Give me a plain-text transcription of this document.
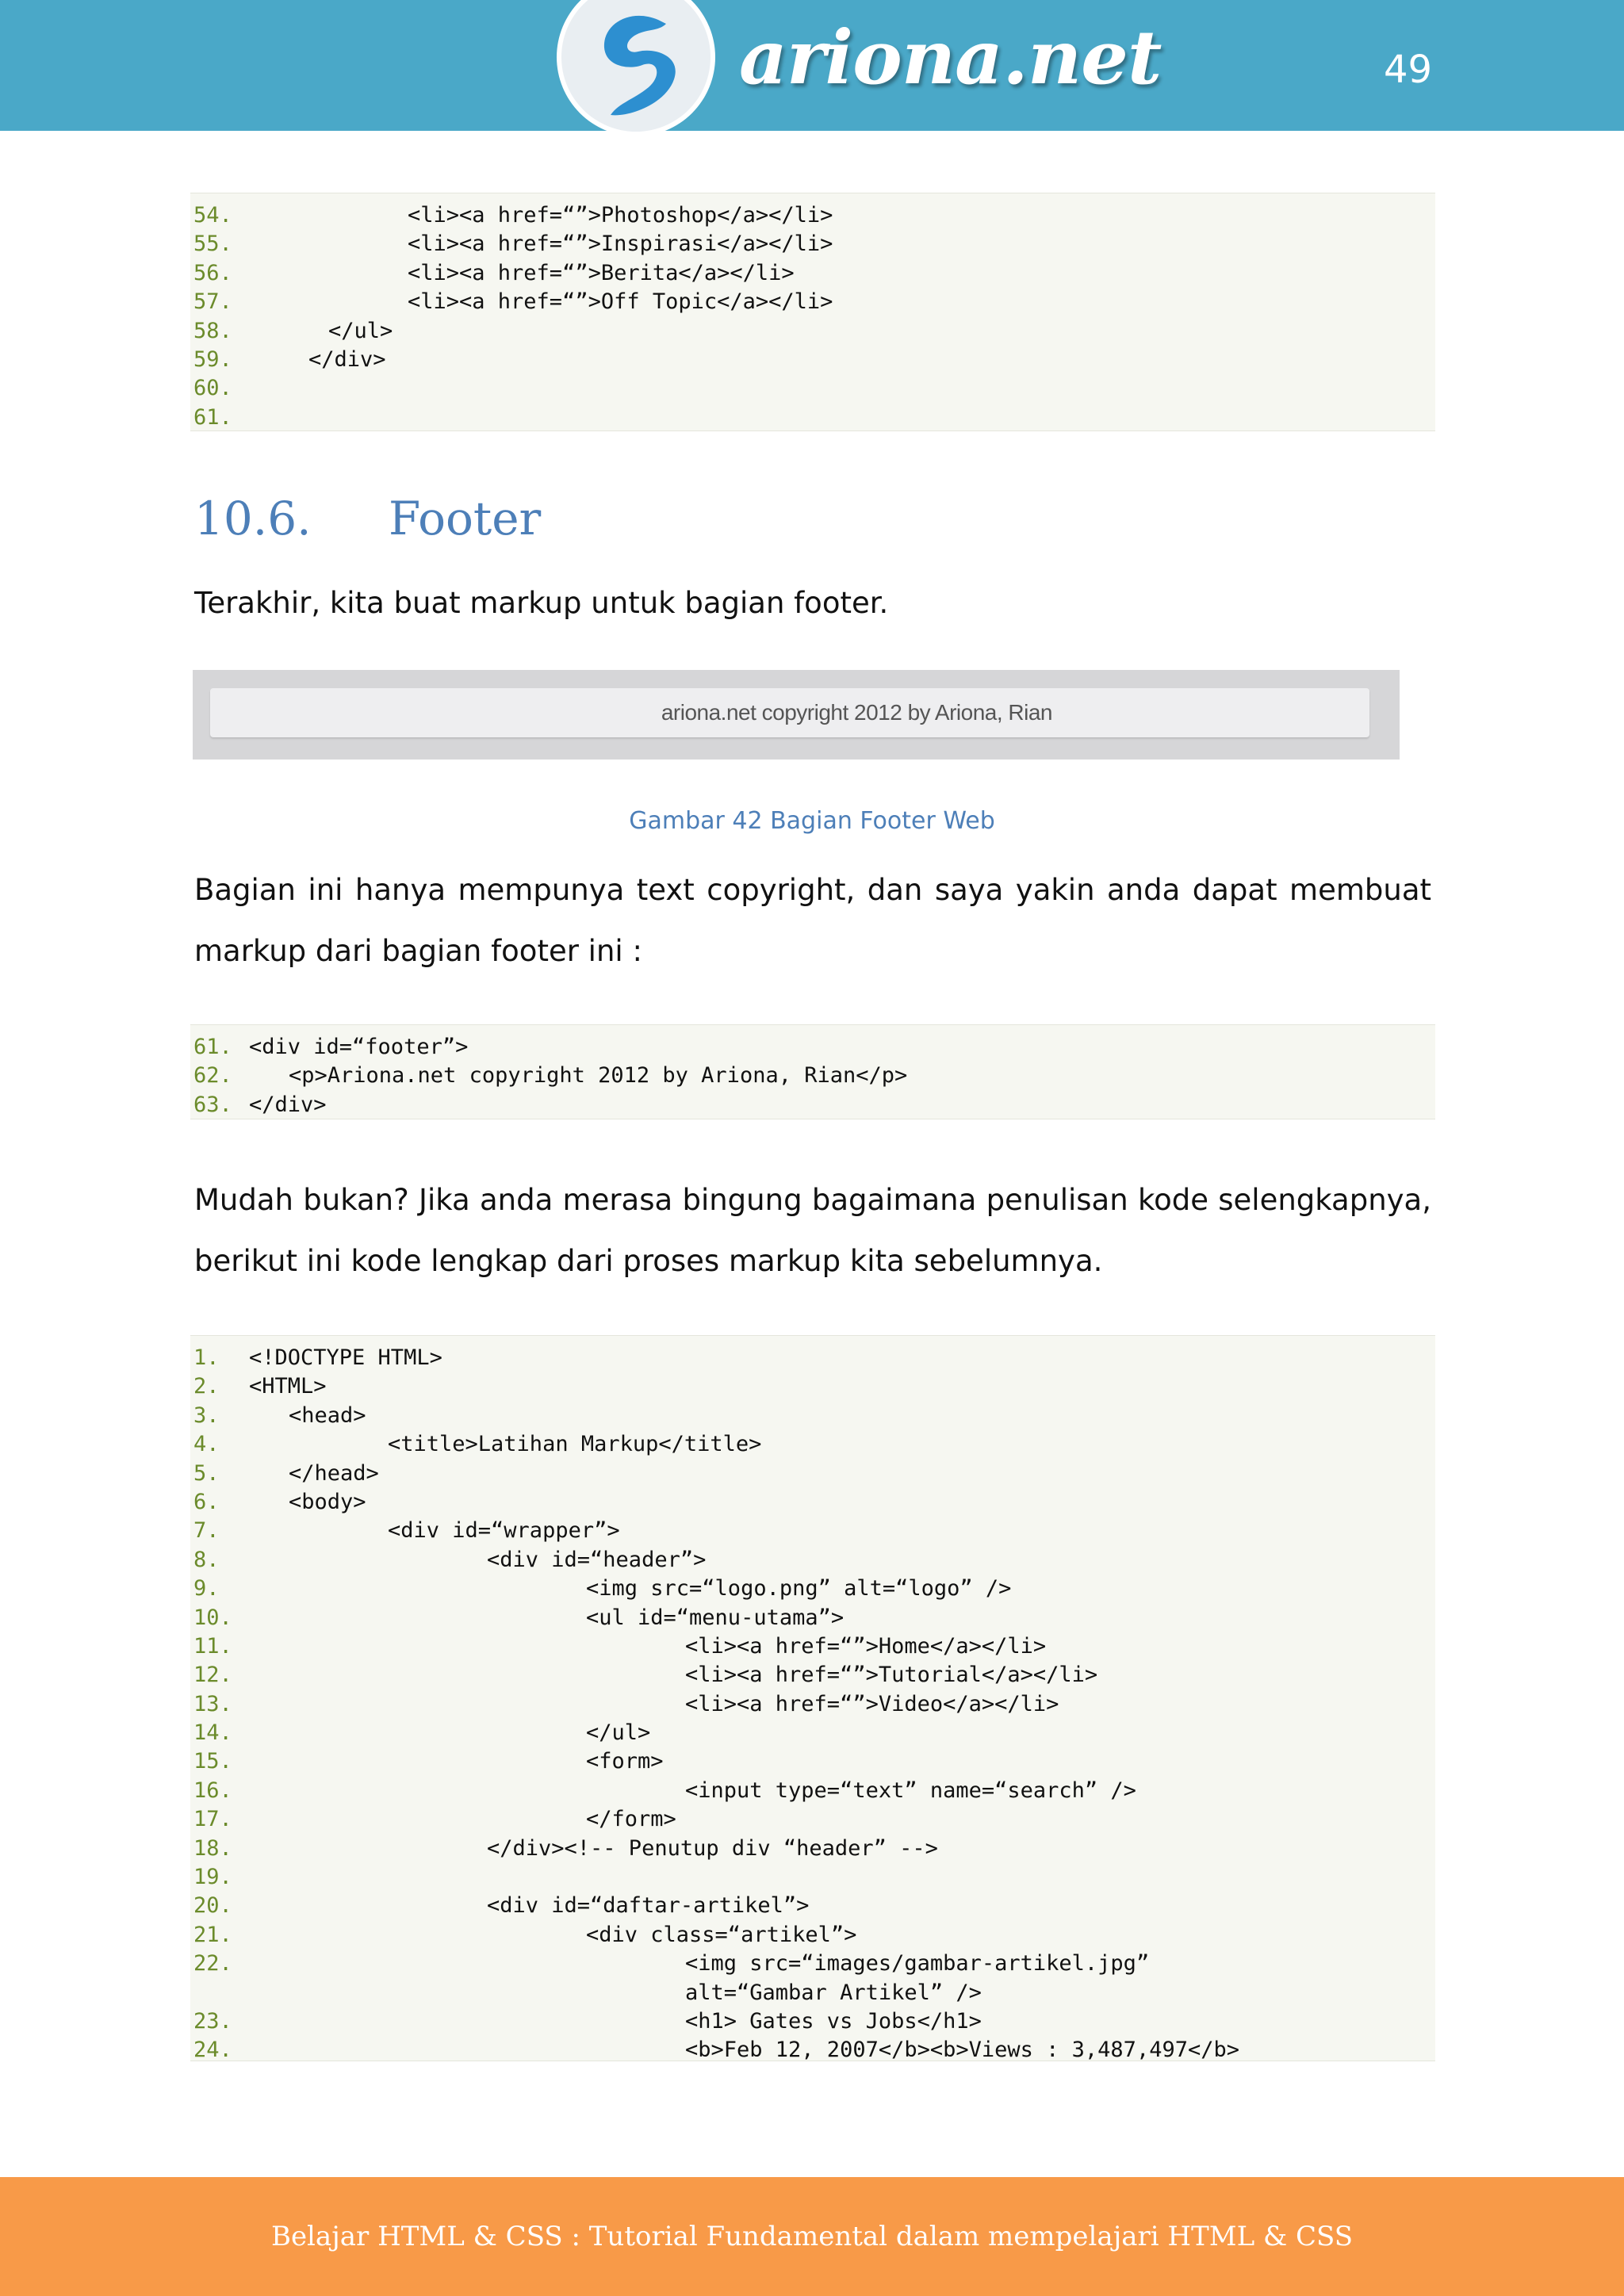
ariona.net	49
54.	<li><a href=“”>Photoshop</a></li>
55.	<li><a href=“”>Inspirasi</a></li>
56.	<li><a href=“”>Berita</a></li>
57.	<li><a href=“”>Off Topic</a></li>
58.	</ul>
59.	</div>
60.
61.
10.6. Footer
Terakhir, kita buat markup untuk bagian footer.
ariona.net copyright 2012 by Ariona, Rian
Gambar 42 Bagian Footer Web
Bagian ini hanya mempunya text copyright, dan saya yakin anda dapat membuat markup dari bagian footer ini :
61. <div id=“footer”>
62.	<p>Ariona.net copyright 2012 by Ariona, Rian</p>
63. </div>
Mudah bukan? Jika anda merasa bingung bagaimana penulisan kode selengkapnya, berikut ini kode lengkap dari proses markup kita sebelumnya.
1. <!DOCTYPE HTML>
2. <HTML>
3.	<head>
4.	<title>Latihan Markup</title>
5.	</head>
6.	<body>
7.	<div id=“wrapper”>
8.	<div id=“header”>
9.	<img src=“logo.png” alt=“logo” />
10.	<ul id=“menu-utama”>
11.	<li><a href=“”>Home</a></li>
12.	<li><a href=“”>Tutorial</a></li>
13.	<li><a href=“”>Video</a></li>
14.	</ul>
15.	<form>
16.	<input type=“text” name=“search” />
17.	</form>
18.	</div><!-- Penutup div “header” -->
19.
20.	<div id=“daftar-artikel”>
21.	<div class=“artikel”>
22.	<img src=“images/gambar-artikel.jpg”
alt=“Gambar Artikel” />
23.	<h1> Gates vs Jobs</h1>
24.	<b>Feb 12, 2007</b><b>Views : 3,487,497</b>
Belajar HTML & CSS : Tutorial Fundamental dalam mempelajari HTML & CSS
